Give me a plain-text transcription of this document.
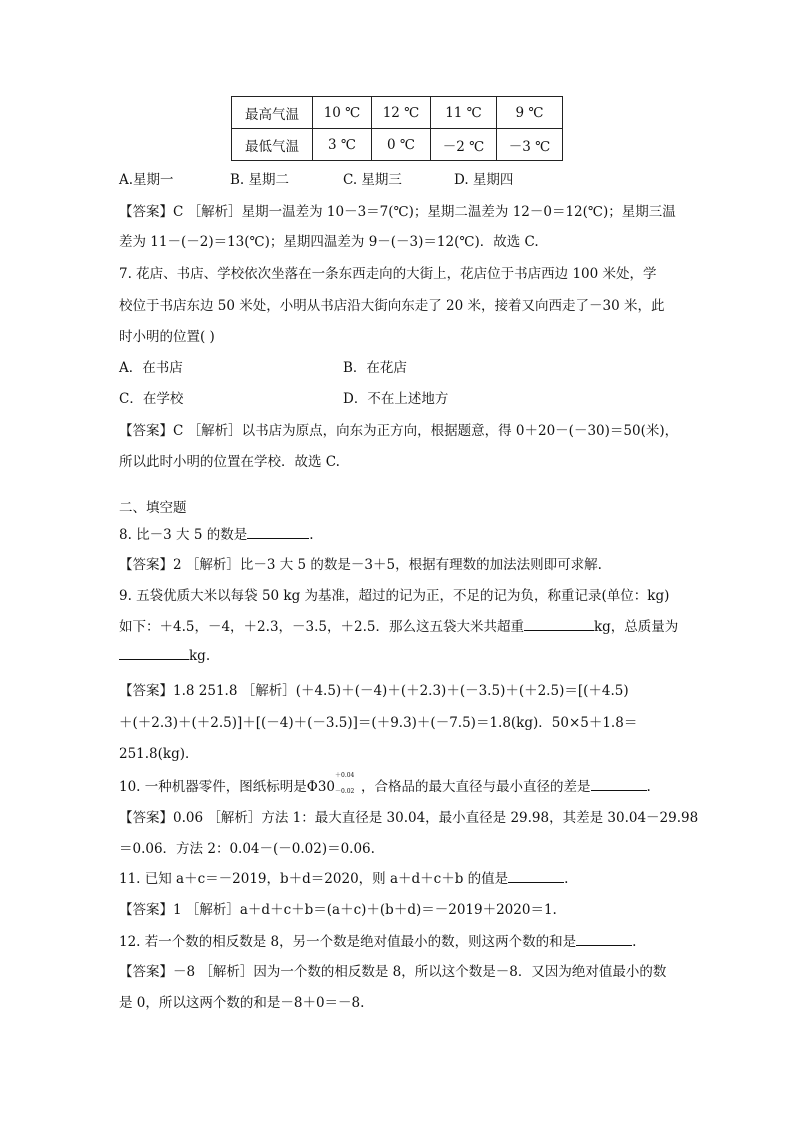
最高气温	10 ℃	12 ℃	11 ℃	9 ℃
最低气温	3 ℃	0 ℃	－2 ℃	－3 ℃
A.星期一	B. 星期二	C. 星期三	D. 星期四
【答案】C ［解析］星期一温差为 10－3＝7(℃)；星期二温差为 12－0＝12(℃)；星期三温
差为 11－(－2)＝13(℃)；星期四温差为 9－(－3)＝12(℃)．故选 C.
7. 花店、书店、学校依次坐落在一条东西走向的大街上，花店位于书店西边 100 米处，学
校位于书店东边 50 米处，小明从书店沿大街向东走了 20 米，接着又向西走了－30 米，此
时小明的位置( )
A．在书店	B．在花店
C．在学校	D．不在上述地方
【答案】C ［解析］以书店为原点，向东为正方向，根据题意，得 0＋20－(－30)＝50(米)，
所以此时小明的位置在学校．故选 C.
二、填空题
8. 比－3 大 5 的数是	.
【答案】2 ［解析］比－3 大 5 的数是－3＋5，根据有理数的加法法则即可求解.
9. 五袋优质大米以每袋 50 kg 为基准，超过的记为正，不足的记为负，称重记录(单位：kg)
如下：＋4.5，－4，＋2.3，－3.5，＋2.5．那么这五袋大米共超重	kg，总质量为
kg.
【答案】1.8 251.8 ［解析］(＋4.5)＋(－4)＋(＋2.3)＋(－3.5)＋(＋2.5)＝[(＋4.5)
＋(＋2.3)＋(＋2.5)]＋[(－4)＋(－3.5)]＝(＋9.3)＋(－7.5)＝1.8(kg)．50×5＋1.8＝
251.8(kg)．
10. 一种机器零件，图纸标明是Φ30
＋0.04
－0.02 ，合格品的最大直径与最小直径的差是	.
【答案】0.06 ［解析］方法 1：最大直径是 30.04，最小直径是 29.98，其差是 30.04－29.98
＝0.06．方法 2：0.04－(－0.02)＝0.06.
11. 已知 a＋c＝－2019，b＋d＝2020，则 a＋d＋c＋b 的值是	.
【答案】1 ［解析］a＋d＋c＋b＝(a＋c)＋(b＋d)＝－2019＋2020＝1.
12. 若一个数的相反数是 8，另一个数是绝对值最小的数，则这两个数的和是	.
【答案】－8 ［解析］因为一个数的相反数是 8，所以这个数是－8．又因为绝对值最小的数
是 0，所以这两个数的和是－8＋0＝－8.
